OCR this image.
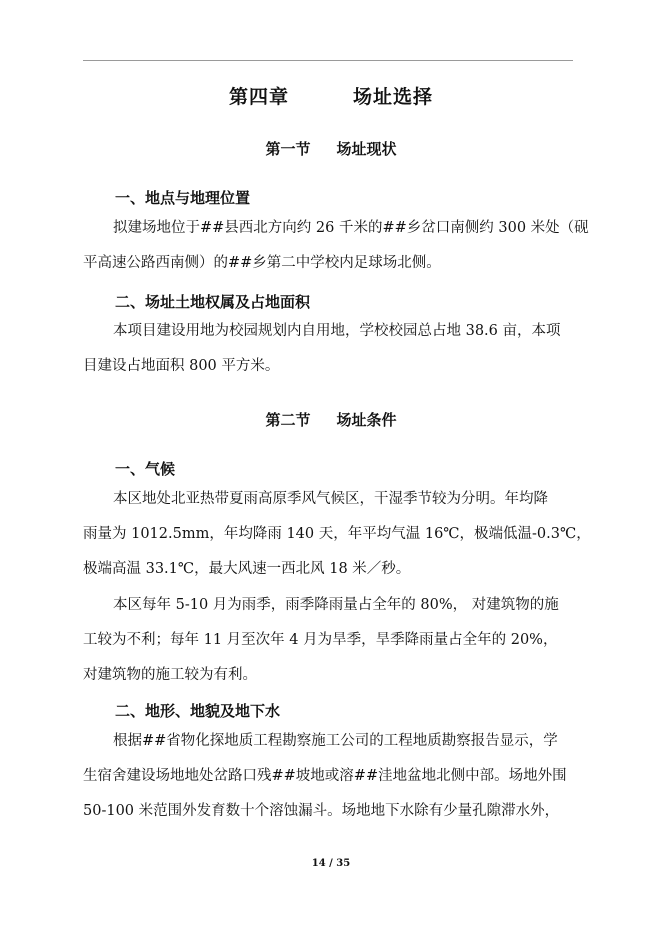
第四章	场址选择
第一节 场址现状
一、地点与地理位置

拟建场地位于##县西北方向约 26 千米的##乡岔口南侧约 300 米处（砚
平高速公路西南侧）的##乡第二中学校内足球场北侧。

二、场址土地权属及占地面积

本项目建设用地为校园规划内自用地，学校校园总占地 38.6 亩，本项
目建设占地面积 800 平方米。

第二节 场址条件
一、气候

本区地处北亚热带夏雨高原季风气候区，干湿季节较为分明。年均降
雨量为 1012.5mm，年均降雨 140 天，年平均气温 16℃，极端低温-0.3℃，
极端高温 33.1℃，最大风速一西北风 18 米／秒。

本区每年 5-10 月为雨季，雨季降雨量占全年的 80%， 对建筑物的施
工较为不利；每年 11 月至次年 4 月为旱季，旱季降雨量占全年的 20%，
对建筑物的施工较为有利。

二、地形、地貌及地下水

根据##省物化探地质工程勘察施工公司的工程地质勘察报告显示，学
生宿舍建设场地地处岔路口残##坡地或溶##洼地盆地北侧中部。场地外围
50-100 米范围外发育数十个溶蚀漏斗。场地地下水除有少量孔隙滞水外，

14 / 35
